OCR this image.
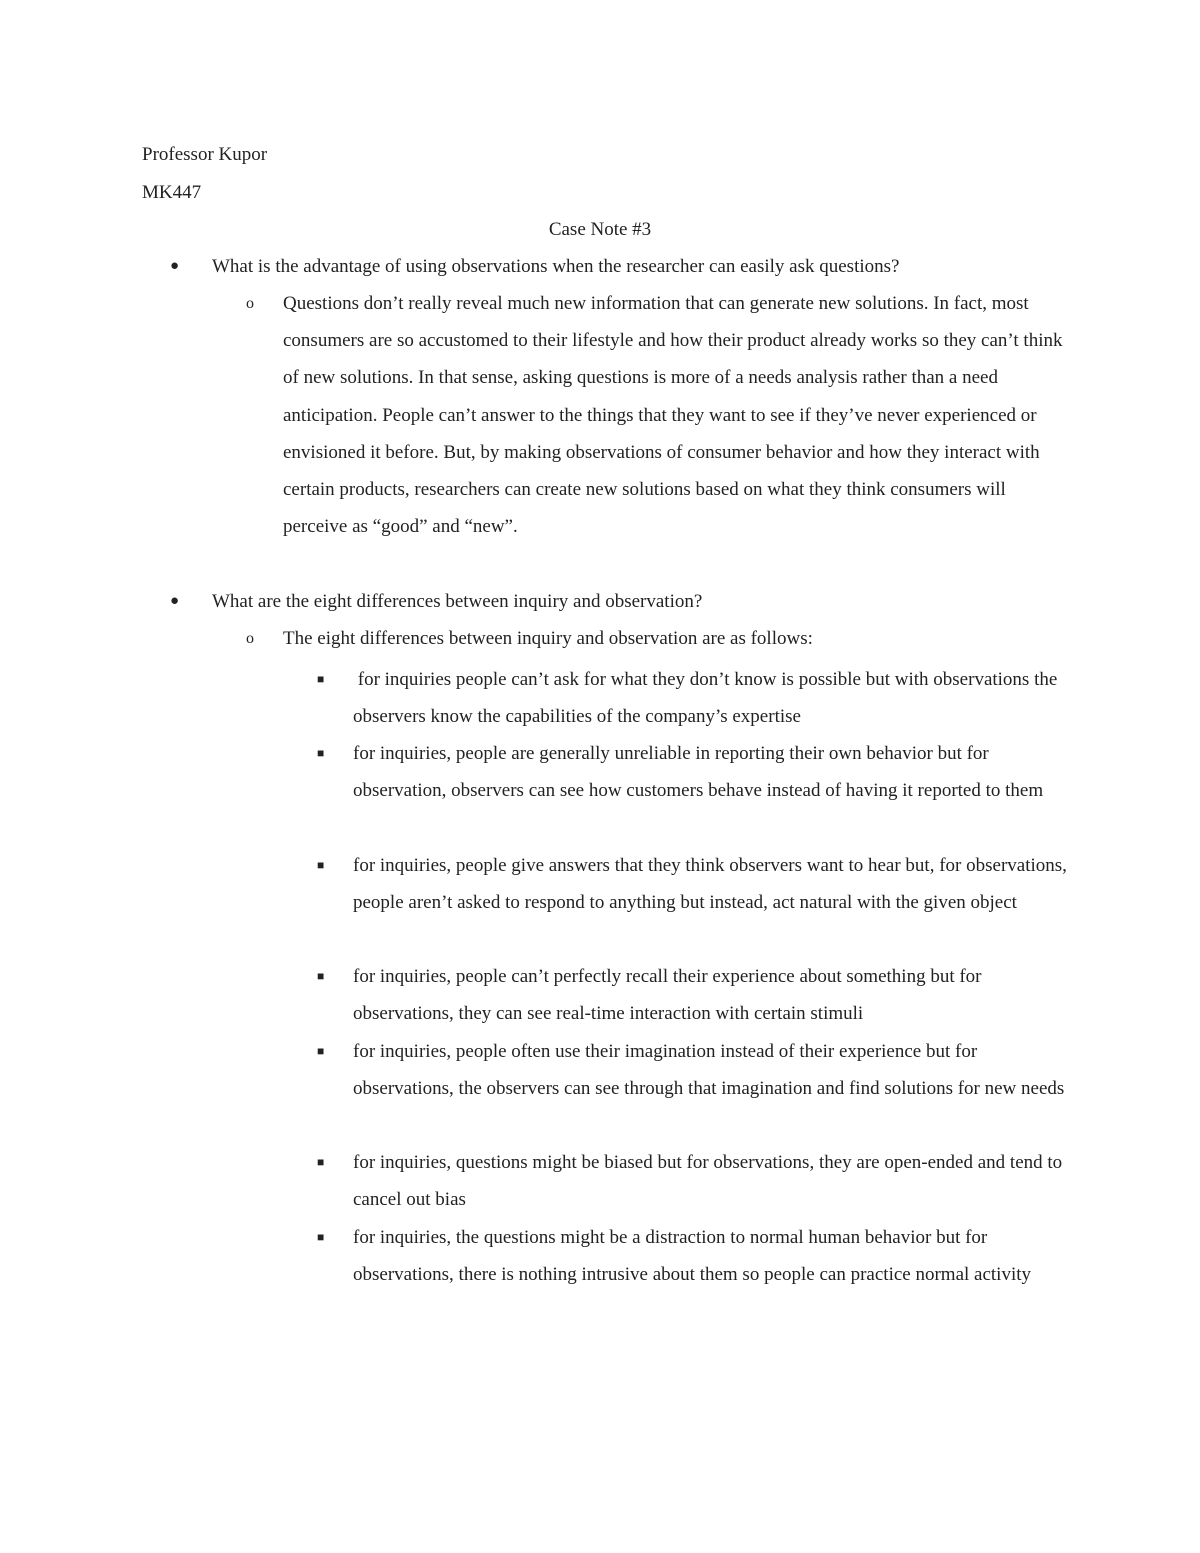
Professor Kupor
MK447
Case Note #3
● What is the advantage of using observations when the researcher can easily ask questions?
o Questions don’t really reveal much new information that can generate new solutions. In fact, most consumers are so accustomed to their lifestyle and how their product already works so they can’t think of new solutions. In that sense, asking questions is more of a needs analysis rather than a need anticipation. People can’t answer to the things that they want to see if they’ve never experienced or envisioned it before. But, by making observations of consumer behavior and how they interact with certain products, researchers can create new solutions based on what they think consumers will perceive as “good” and “new”.
● What are the eight differences between inquiry and observation?
o The eight differences between inquiry and observation are as follows:
■ for inquiries people can’t ask for what they don’t know is possible but with observations the observers know the capabilities of the company’s expertise
■ for inquiries, people are generally unreliable in reporting their own behavior but for observation, observers can see how customers behave instead of having it reported to them
■ for inquiries, people give answers that they think observers want to hear but, for observations, people aren’t asked to respond to anything but instead, act natural with the given object
■ for inquiries, people can’t perfectly recall their experience about something but for observations, they can see real-time interaction with certain stimuli
■ for inquiries, people often use their imagination instead of their experience but for observations, the observers can see through that imagination and find solutions for new needs
■ for inquiries, questions might be biased but for observations, they are open-ended and tend to cancel out bias
■ for inquiries, the questions might be a distraction to normal human behavior but for observations, there is nothing intrusive about them so people can practice normal activity
